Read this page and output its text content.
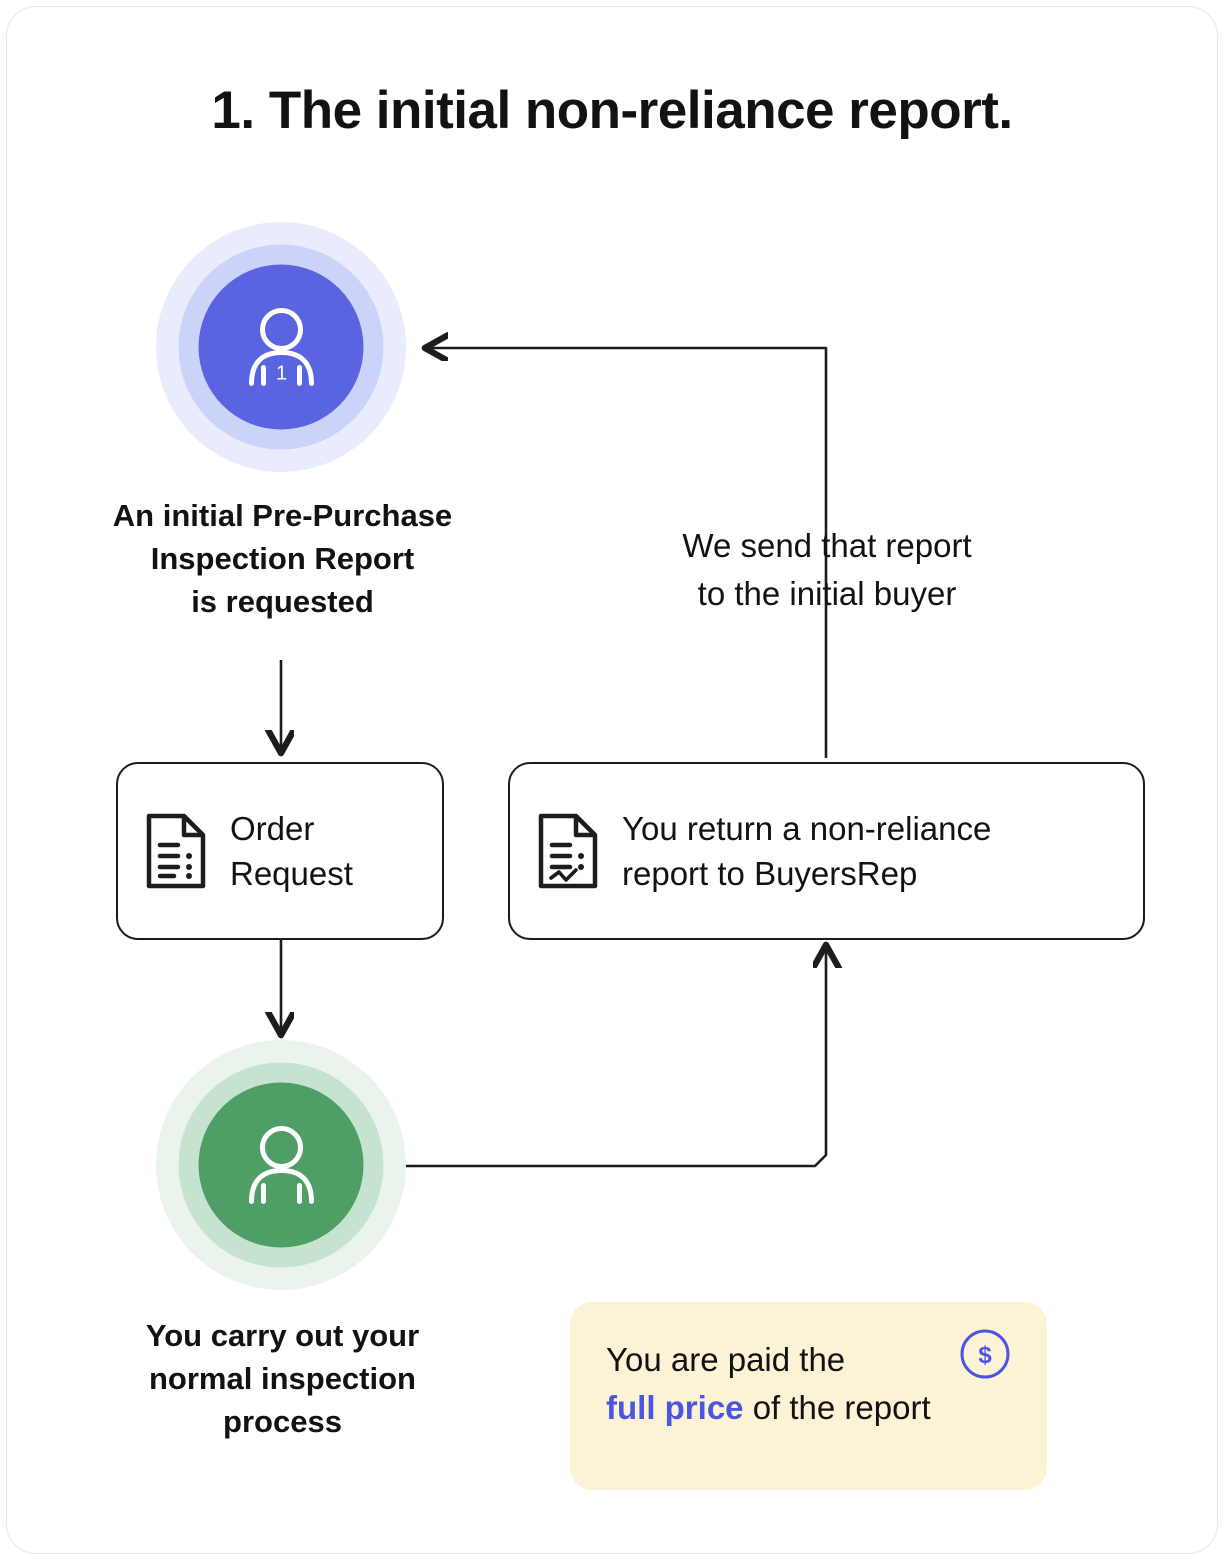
1. The initial non-reliance report.
1
An initial Pre-Purchase
Inspection Report
is requested
You carry out your
normal inspection
process
Order
Request
You return a non-reliance
report to BuyersRep
We send that report
to the initial buyer
$
You are paid the
full price of the report
